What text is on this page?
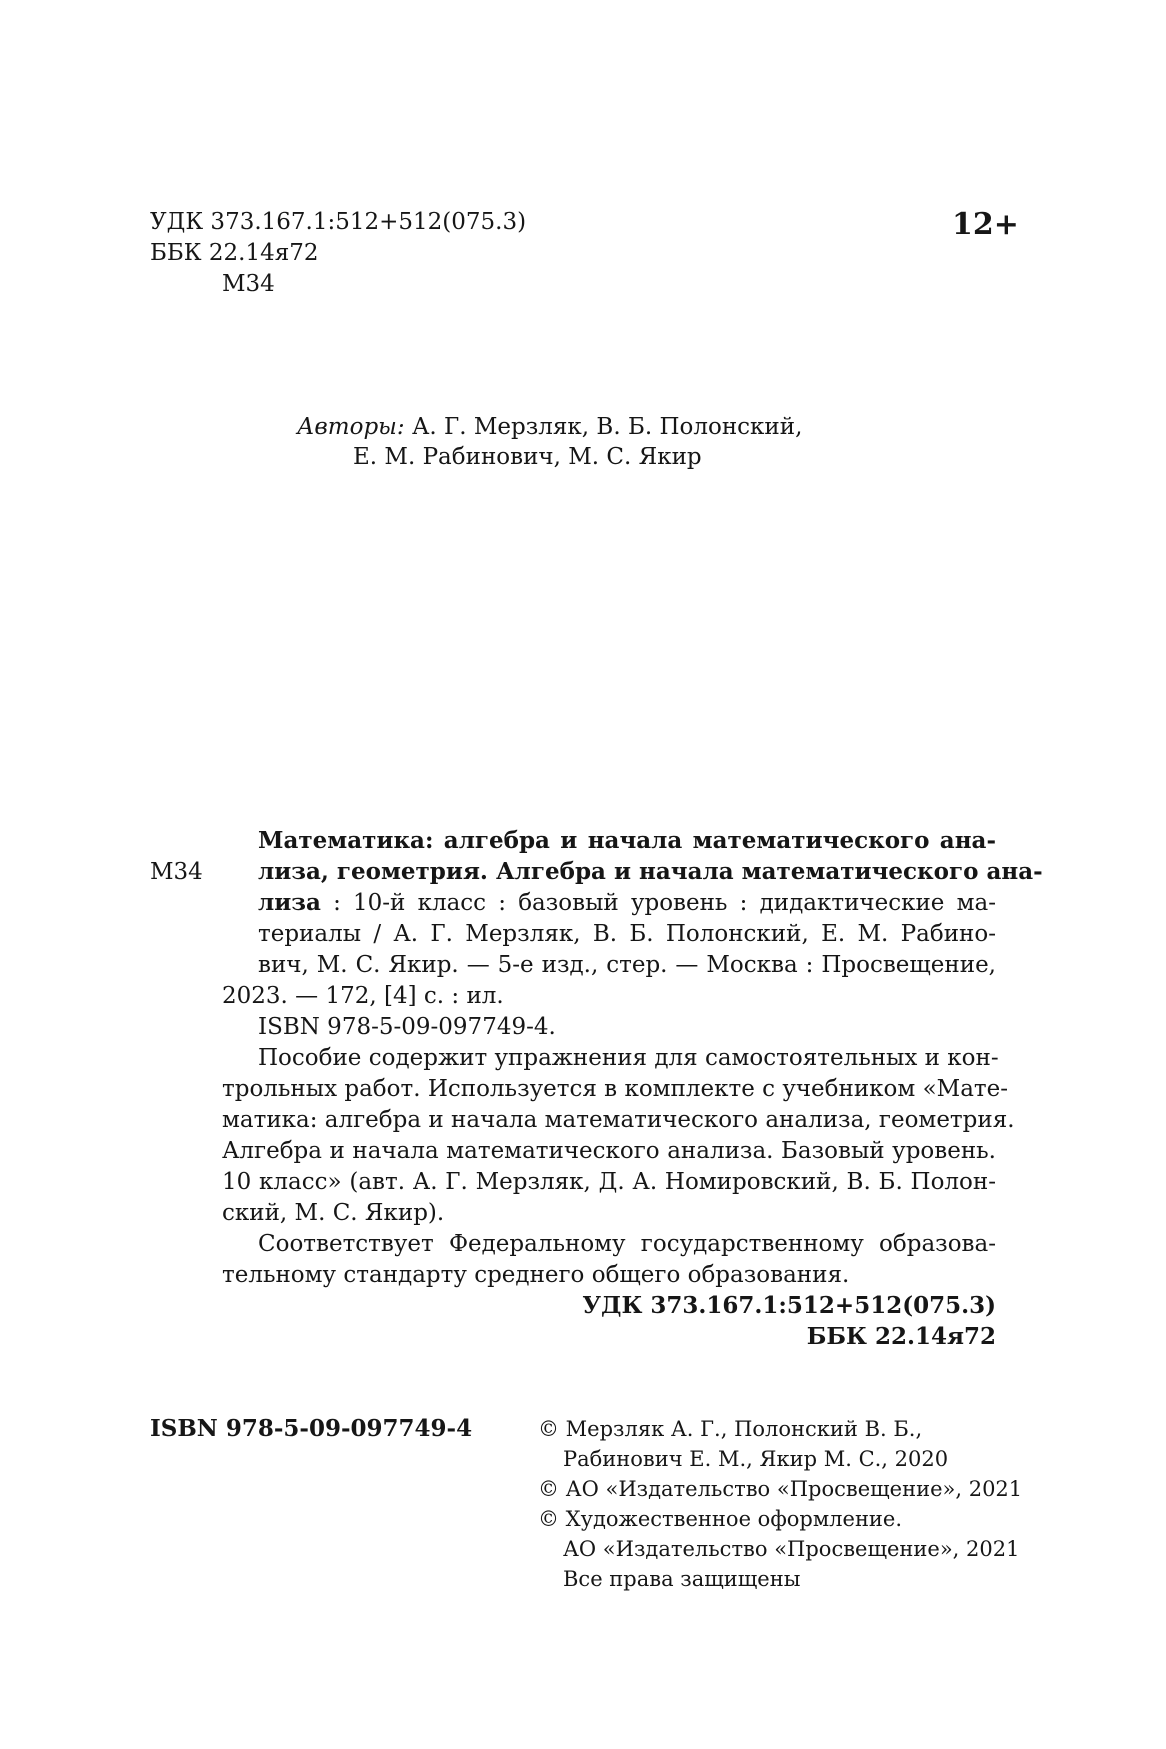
УДК 373.167.1:512+512(075.3)
ББК 22.14я72
М34
12+
Авторы: А. Г. Мерзляк, В. Б. Полонский,
Е. М. Рабинович, М. С. Якир
М34
Математика: алгебра и начала математического ана-
лиза, геометрия. Алгебра и начала математического ана-
лиза : 10-й класс : базовый уровень : дидактические ма-
териалы / А. Г. Мерзляк, В. Б. Полонский, Е. М. Рабино-
вич, М. С. Якир. — 5-е изд., стер. — Москва : Просвещение,
2023. — 172, [4] с. : ил.
ISBN 978-5-09-097749-4.
Пособие содержит упражнения для самостоятельных и кон-
трольных работ. Используется в комплекте с учебником «Мате-
матика: алгебра и начала математического анализа, геометрия.
Алгебра и начала математического анализа. Базовый уровень.
10 класс» (авт. А. Г. Мерзляк, Д. А. Номировский, В. Б. Полон-
ский, М. С. Якир).
Соответствует Федеральному государственному образова-
тельному стандарту среднего общего образования.
УДК 373.167.1:512+512(075.3)
ББК 22.14я72
ISBN 978-5-09-097749-4	© Мерзляк А. Г., Полонский В. Б.,
Рабинович Е. М., Якир М. С., 2020
© АО «Издательство «Просвещение», 2021
© Художественное оформление.
АО «Издательство «Просвещение», 2021
Все права защищены
